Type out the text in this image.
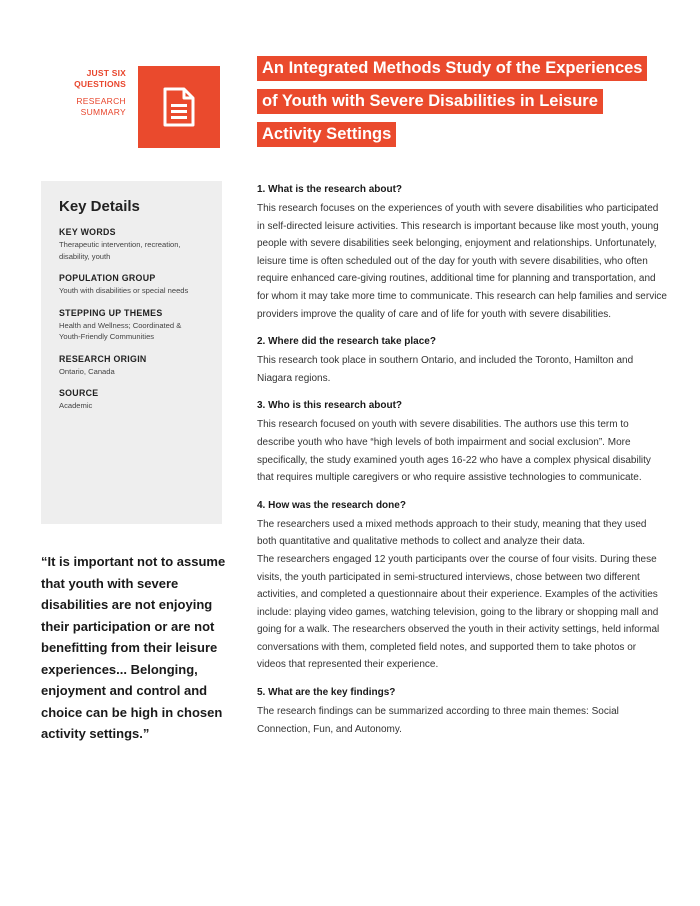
JUST SIX
QUESTIONS
RESEARCH
SUMMARY
An Integrated Methods Study of the Experiences
of Youth with Severe Disabilities in Leisure
Activity Settings
Key Details
KEY WORDS
Therapeutic intervention, recreation, disability, youth
POPULATION GROUP
Youth with disabilities or special needs
STEPPING UP THEMES
Health and Wellness; Coordinated & Youth-Friendly Communities
RESEARCH ORIGIN
Ontario, Canada
SOURCE
Academic
“It is important not to assume that youth with severe disabilities are not enjoying their participation or are not benefitting from their leisure experiences... Belonging, enjoyment and control and choice can be high in chosen activity settings.”
1. What is the research about?

This research focuses on the experiences of youth with severe disabilities who participated in self-directed leisure activities. This research is important because like most youth, young people with severe disabilities seek belonging, enjoyment and relationships. Unfortunately, leisure time is often scheduled out of the day for youth with severe disabilities, who often require enhanced care-giving routines, additional time for planning and transportation, and for whom it may take more time to communicate. This research can help families and service providers improve the quality of care and of life for youth with severe disabilities.

2. Where did the research take place?

This research took place in southern Ontario, and included the Toronto, Hamilton and Niagara regions.

3. Who is this research about?

This research focused on youth with severe disabilities. The authors use this term to describe youth who have “high levels of both impairment and social exclusion”. More specifically, the study examined youth ages 16-22 who have a complex physical disability that requires multiple caregivers or who require assistive technologies to communicate.

4. How was the research done?

The researchers used a mixed methods approach to their study, meaning that they used both quantitative and qualitative methods to collect and analyze their data.

The researchers engaged 12 youth participants over the course of four visits. During these visits, the youth participated in semi-structured interviews, chose between two different activities, and completed a questionnaire about their experience. Examples of the activities include: playing video games, watching television, going to the library or shopping mall and going for a walk. The researchers observed the youth in their activity settings, held informal conversations with them, completed field notes, and supported them to take photos or videos that represented their experience.

5. What are the key findings?

The research findings can be summarized according to three main themes: Social Connection, Fun, and Autonomy.
